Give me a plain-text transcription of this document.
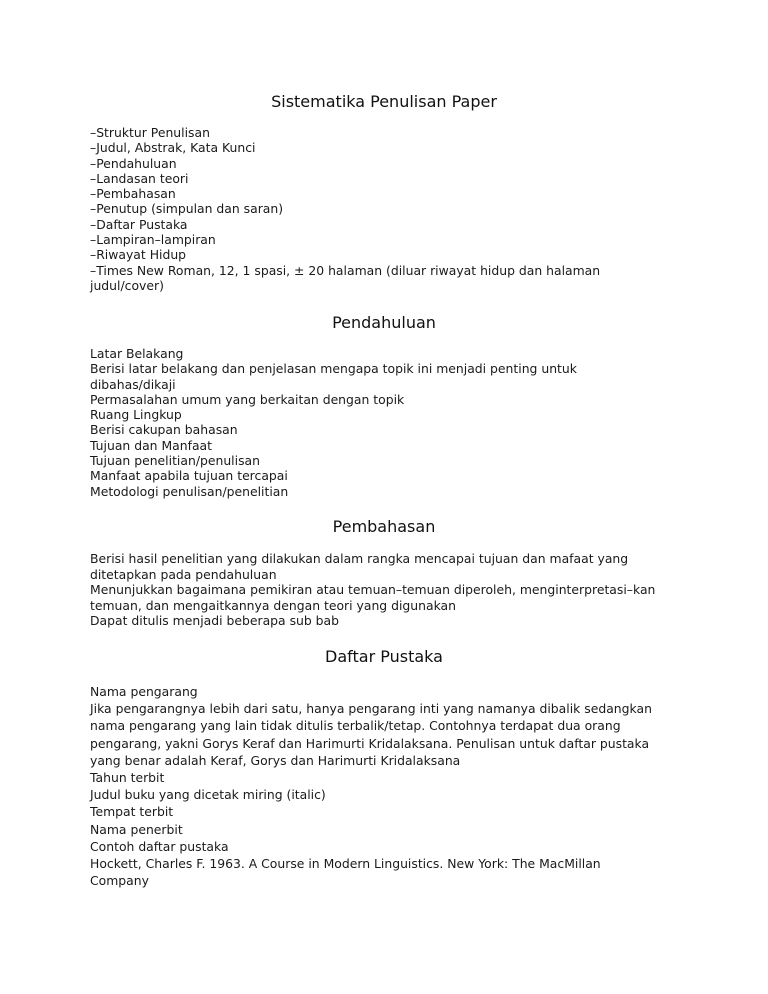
Sistematika Penulisan Paper
–Struktur Penulisan
–Judul, Abstrak, Kata Kunci
–Pendahuluan
–Landasan teori
–Pembahasan
–Penutup (simpulan dan saran)
–Daftar Pustaka
–Lampiran–lampiran
–Riwayat Hidup
–Times New Roman, 12, 1 spasi, ± 20 halaman (diluar riwayat hidup dan halaman
judul/cover)
Pendahuluan
Latar Belakang
Berisi latar belakang dan penjelasan mengapa topik ini menjadi penting untuk
dibahas/dikaji
Permasalahan umum yang berkaitan dengan topik
Ruang Lingkup
Berisi cakupan bahasan
Tujuan dan Manfaat
Tujuan penelitian/penulisan
Manfaat apabila tujuan tercapai
Metodologi penulisan/penelitian
Pembahasan
Berisi hasil penelitian yang dilakukan dalam rangka mencapai tujuan dan mafaat yang
ditetapkan pada pendahuluan
Menunjukkan bagaimana pemikiran atau temuan–temuan diperoleh, menginterpretasi–kan
temuan, dan mengaitkannya dengan teori yang digunakan
Dapat ditulis menjadi beberapa sub bab
Daftar Pustaka
Nama pengarang
Jika pengarangnya lebih dari satu, hanya pengarang inti yang namanya dibalik sedangkan
nama pengarang yang lain tidak ditulis terbalik/tetap. Contohnya terdapat dua orang
pengarang, yakni Gorys Keraf dan Harimurti Kridalaksana. Penulisan untuk daftar pustaka
yang benar adalah Keraf, Gorys dan Harimurti Kridalaksana
Tahun terbit
Judul buku yang dicetak miring (italic)
Tempat terbit
Nama penerbit
Contoh daftar pustaka
Hockett, Charles F. 1963. A Course in Modern Linguistics. New York: The MacMillan
Company
